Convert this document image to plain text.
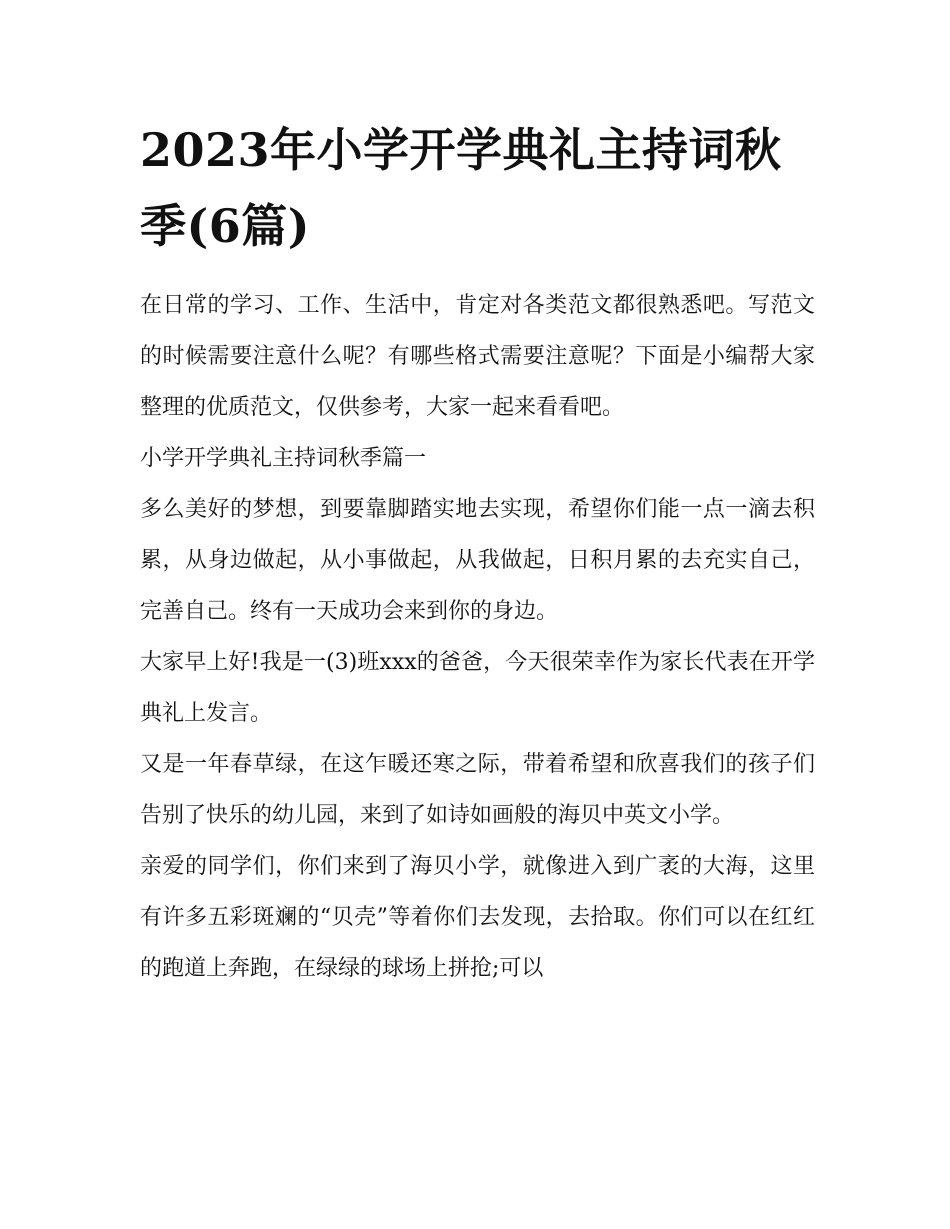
2023年小学开学典礼主持词秋季(6篇)

在日常的学习、工作、生活中，肯定对各类范文都很熟悉吧。写范文的时候需要注意什么呢？有哪些格式需要注意呢？下面是小编帮大家整理的优质范文，仅供参考，大家一起来看看吧。

小学开学典礼主持词秋季篇一

多么美好的梦想，到要靠脚踏实地去实现，希望你们能一点一滴去积累，从身边做起，从小事做起，从我做起，日积月累的去充实自己，完善自己。终有一天成功会来到你的身边。

大家早上好!我是一(3)班xxx的爸爸，今天很荣幸作为家长代表在开学典礼上发言。

又是一年春草绿，在这乍暖还寒之际，带着希望和欣喜我们的孩子们告别了快乐的幼儿园，来到了如诗如画般的海贝中英文小学。

亲爱的同学们，你们来到了海贝小学，就像进入到广袤的大海，这里有许多五彩斑斓的“贝壳”等着你们去发现，去拾取。你们可以在红红的跑道上奔跑，在绿绿的球场上拼抢;可以
